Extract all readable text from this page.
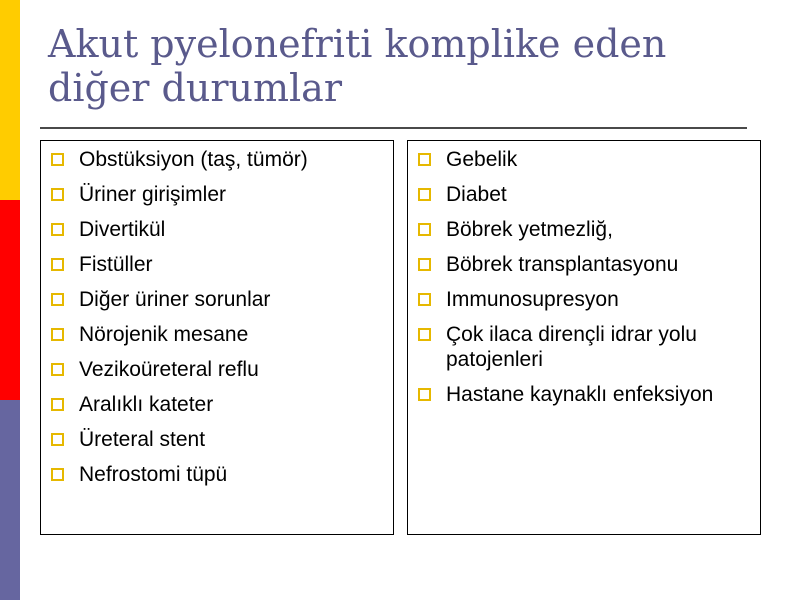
Akut pyelonefriti komplike eden diğer durumlar
Obstüksiyon (taş, tümör)
Üriner girişimler
Divertikül
Fistüller
Diğer üriner sorunlar
Nörojenik mesane
Vezikoüreteral reflu
Aralıklı kateter
Üreteral stent
Nefrostomi tüpü
Gebelik
Diabet
Böbrek yetmezliğ,
Böbrek transplantasyonu
Immunosupresyon
Çok ilaca dirençli idrar yolu patojenleri
Hastane kaynaklı enfeksiyon
